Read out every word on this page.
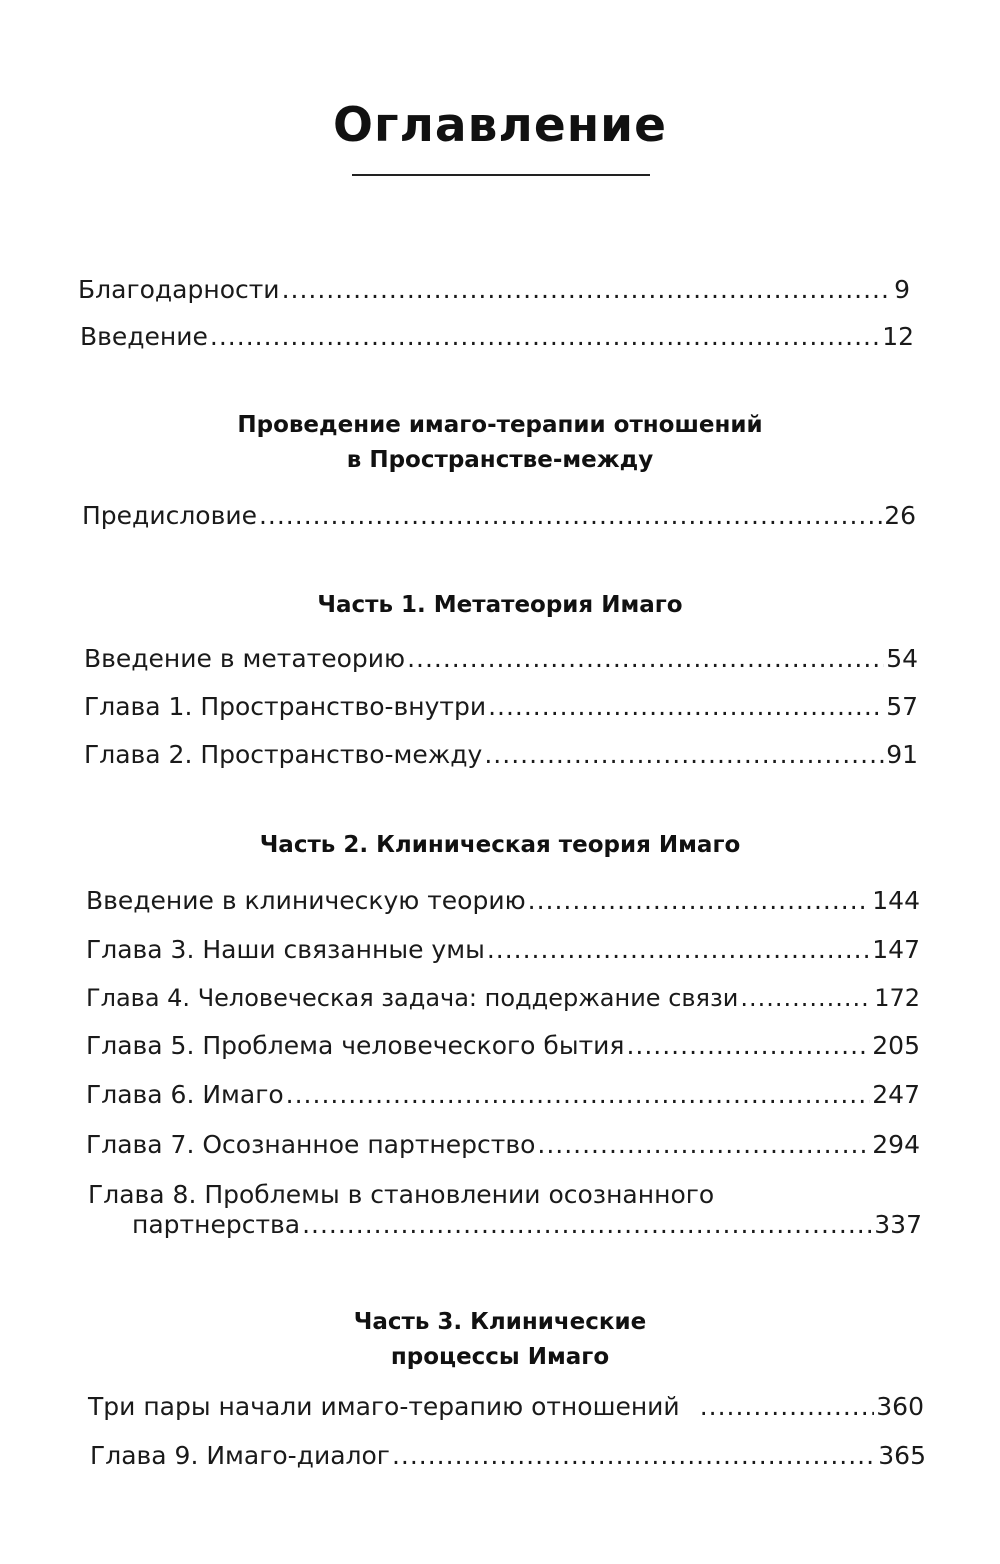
Оглавление
Благодарности .....	9
Введение .....	12
Проведение имаго-терапии отношений
в Пространстве-между
Предисловие .....	26
Часть 1. Метатеория Имаго
Введение в метатеорию .....	54
Глава 1. Пространство-внутри .....	57
Глава 2. Пространство-между .....	91
Часть 2. Клиническая теория Имаго
Введение в клиническую теорию .....	144
Глава 3. Наши связанные умы .....	147
Глава 4. Человеческая задача: поддержание связи .....	172
Глава 5. Проблема человеческого бытия .....	205
Глава 6. Имаго .....	247
Глава 7. Осознанное партнерство .....	294
Глава 8. Проблемы в становлении осознанного
партнерства .....	337
Часть 3. Клинические
процессы Имаго
Три пары начали имаго-терапию отношений .....	360
Глава 9. Имаго-диалог .....	365
